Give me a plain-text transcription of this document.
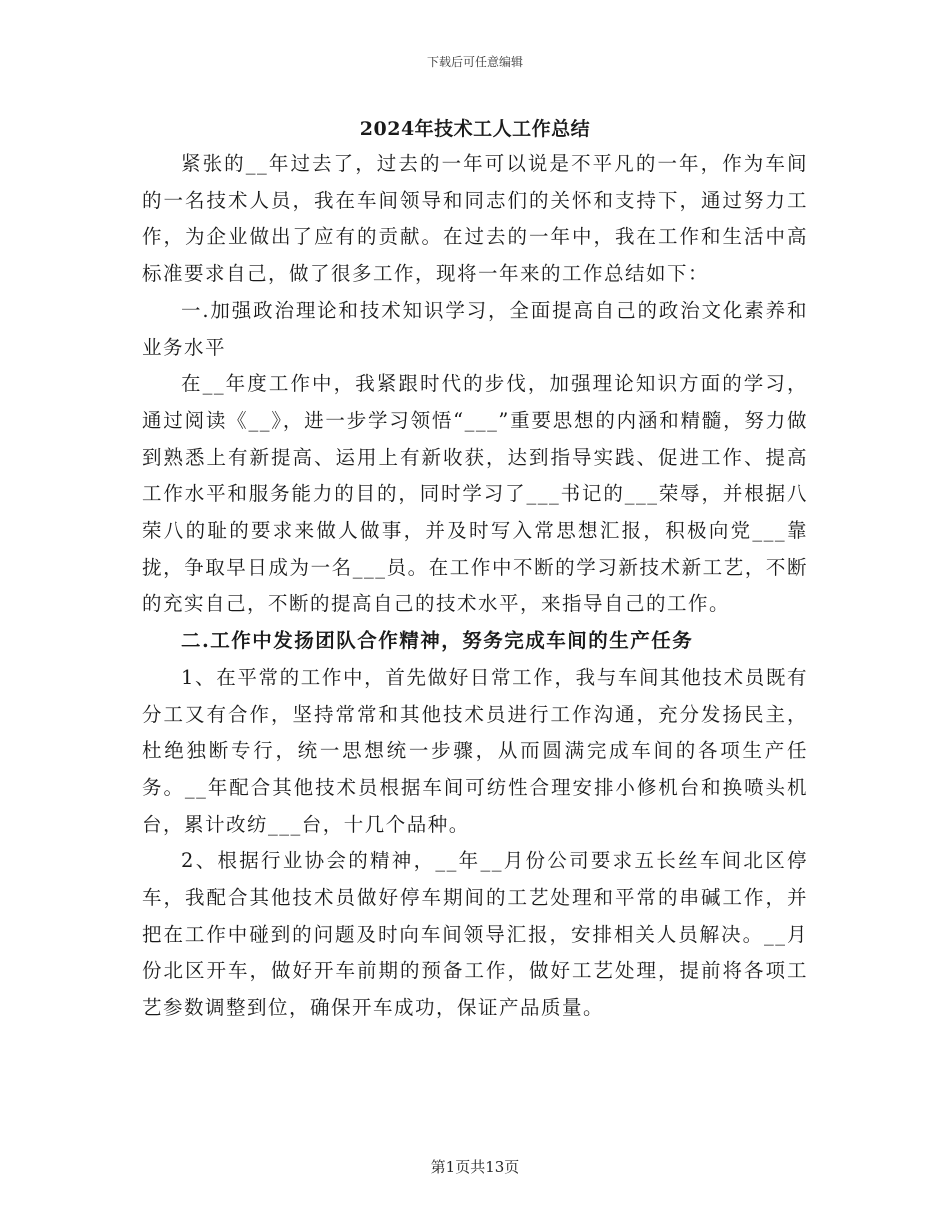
下载后可任意编辑
2024年技术工人工作总结

紧张的__年过去了，过去的一年可以说是不平凡的一年，作为车间的一名技术人员，我在车间领导和同志们的关怀和支持下，通过努力工作，为企业做出了应有的贡献。在过去的一年中，我在工作和生活中高标准要求自己，做了很多工作，现将一年来的工作总结如下：

一.加强政治理论和技术知识学习，全面提高自己的政治文化素养和业务水平

在__年度工作中，我紧跟时代的步伐，加强理论知识方面的学习，通过阅读《__》，进一步学习领悟“___”重要思想的内涵和精髓，努力做到熟悉上有新提高、运用上有新收获，达到指导实践、促进工作、提高工作水平和服务能力的目的，同时学习了___书记的___荣辱，并根据八荣八的耻的要求来做人做事，并及时写入常思想汇报，积极向党___靠拢，争取早日成为一名___员。在工作中不断的学习新技术新工艺，不断的充实自己，不断的提高自己的技术水平，来指导自己的工作。

二.工作中发扬团队合作精神，努务完成车间的生产任务

1、在平常的工作中，首先做好日常工作，我与车间其他技术员既有分工又有合作，坚持常常和其他技术员进行工作沟通，充分发扬民主，杜绝独断专行，统一思想统一步骤，从而圆满完成车间的各项生产任务。__年配合其他技术员根据车间可纺性合理安排小修机台和换喷头机台，累计改纺___台，十几个品种。

2、根据行业协会的精神，__年__月份公司要求五长丝车间北区停车，我配合其他技术员做好停车期间的工艺处理和平常的串碱工作，并把在工作中碰到的问题及时向车间领导汇报，安排相关人员解决。__月份北区开车，做好开车前期的预备工作，做好工艺处理，提前将各项工艺参数调整到位，确保开车成功，保证产品质量。

第1页共13页
